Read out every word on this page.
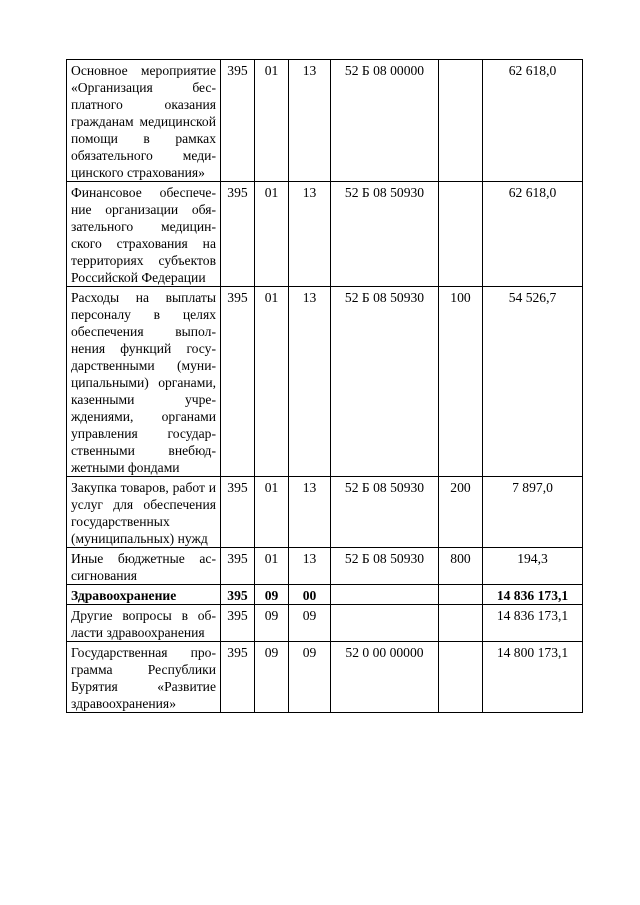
Основное мероприятие «Организация бесплатного оказания гражданам медицинской помощи в рамках обязательного медицинского страхования»	395	01	13	52 Б 08 00000		62 618,0
Финансовое обеспечение организации обязательного медицинского страхования на территориях субъектов Российской Федерации	395	01	13	52 Б 08 50930		62 618,0
Расходы на выплаты персоналу в целях обеспечения выполнения функций государственными (муниципальными) органами, казенными учреждениями, органами управления государственными внебюджетными фондами	395	01	13	52 Б 08 50930	100	54 526,7
Закупка товаров, работ и услуг для обеспечения государственных (муниципальных) нужд	395	01	13	52 Б 08 50930	200	7 897,0
Иные бюджетные ассигнования	395	01	13	52 Б 08 50930	800	194,3
Здравоохранение	395	09	00			14 836 173,1
Другие вопросы в области здравоохранения	395	09	09			14 836 173,1
Государственная программа Республики Бурятия «Развитие здравоохранения»	395	09	09	52 0 00 00000		14 800 173,1
